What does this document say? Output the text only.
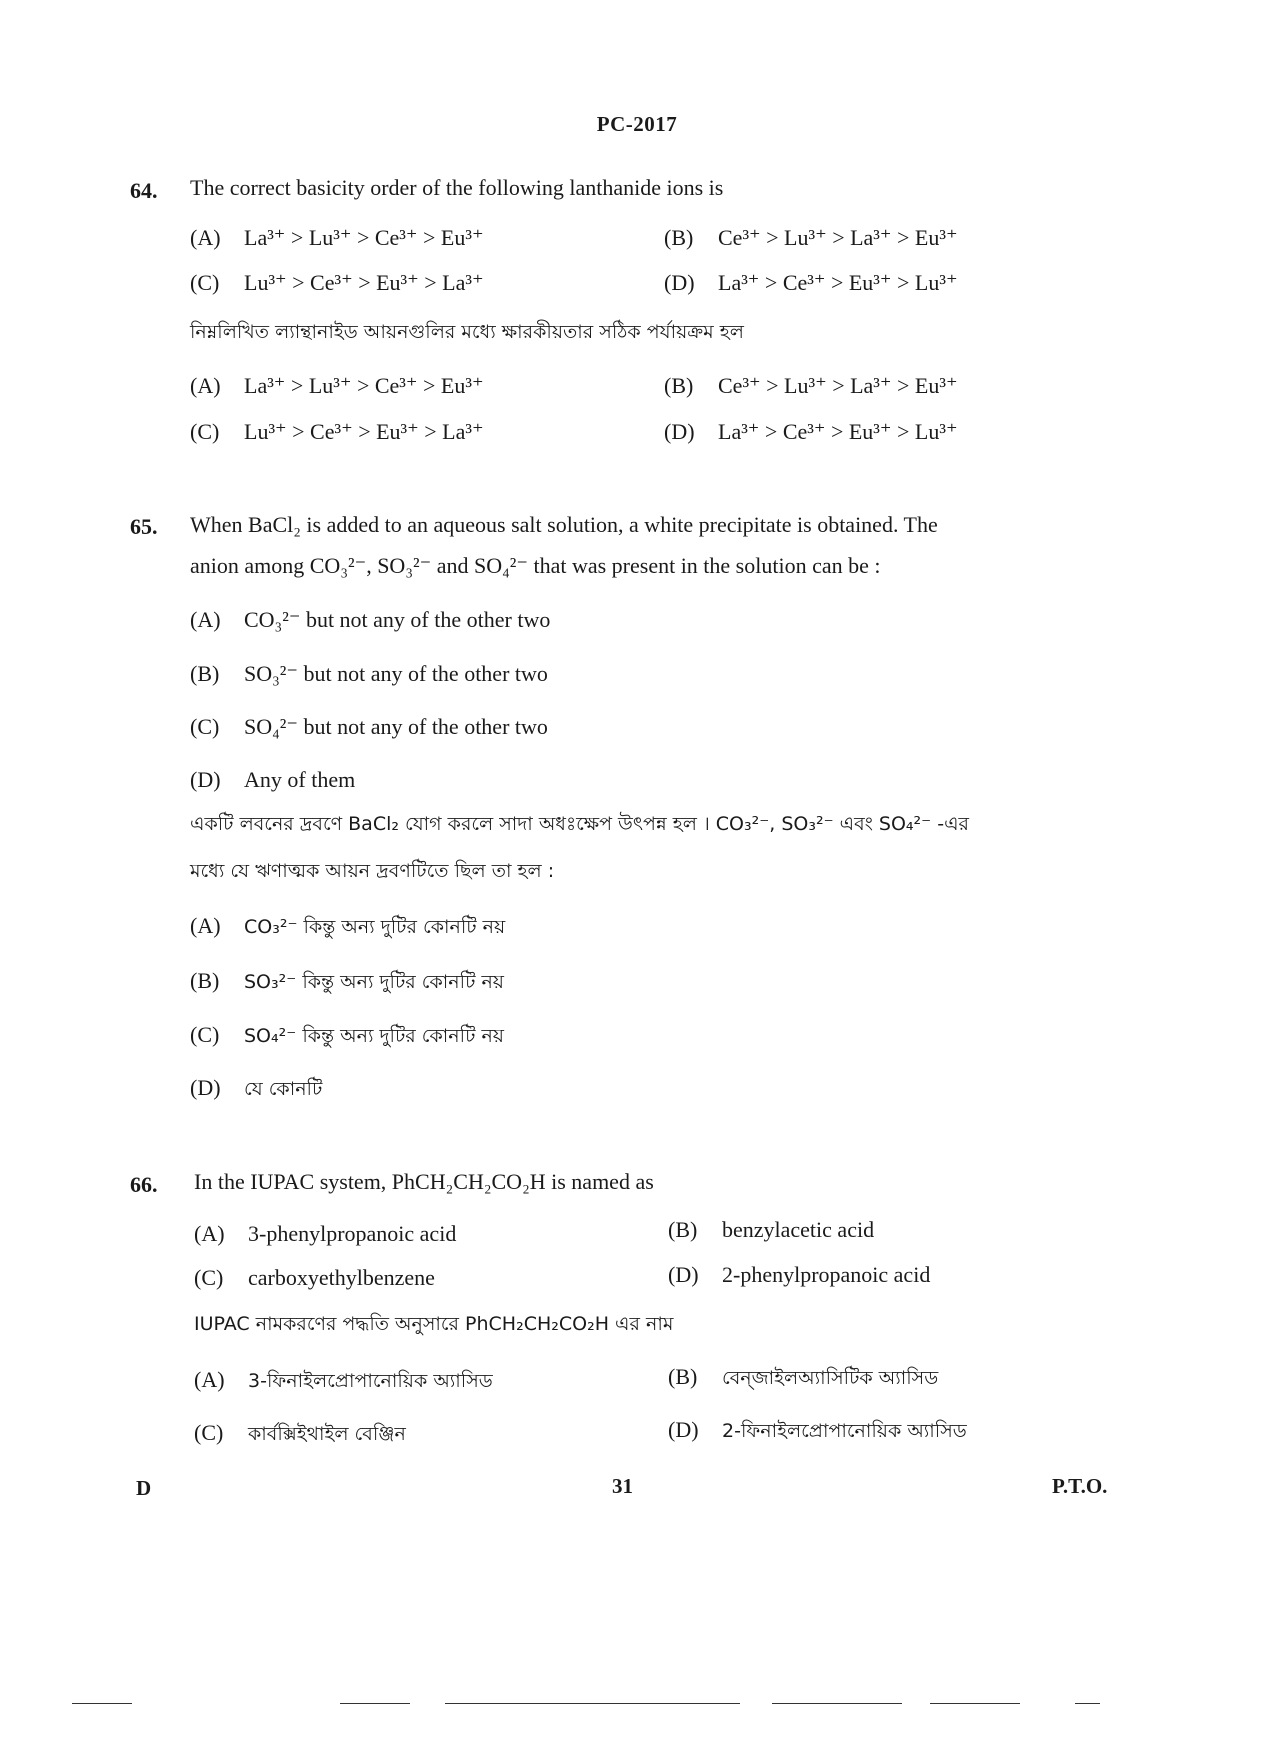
PC-2017
64. The correct basicity order of the following lanthanide ions is
(A) La³⁺ > Lu³⁺ > Ce³⁺ > Eu³⁺	(B) Ce³⁺ > Lu³⁺ > La³⁺ > Eu³⁺
(C) Lu³⁺ > Ce³⁺ > Eu³⁺ > La³⁺	(D) La³⁺ > Ce³⁺ > Eu³⁺ > Lu³⁺
নিম্নলিখিত ল্যান্থানাইড আয়নগুলির মধ্যে ক্ষারকীয়তার সঠিক পর্যায়ক্রম হল
(A) La³⁺ > Lu³⁺ > Ce³⁺ > Eu³⁺	(B) Ce³⁺ > Lu³⁺ > La³⁺ > Eu³⁺
(C) Lu³⁺ > Ce³⁺ > Eu³⁺ > La³⁺	(D) La³⁺ > Ce³⁺ > Eu³⁺ > Lu³⁺
65. When BaCl₂ is added to an aqueous salt solution, a white precipitate is obtained. The
anion among CO₃²⁻, SO₃²⁻ and SO₄²⁻ that was present in the solution can be :
(A) CO₃²⁻ but not any of the other two
(B) SO₃²⁻ but not any of the other two
(C) SO₄²⁻ but not any of the other two
(D) Any of them
একটি লবনের দ্রবণে BaCl₂ যোগ করলে সাদা অধঃক্ষেপ উৎপন্ন হল । CO₃²⁻, SO₃²⁻ এবং SO₄²⁻ -এর
মধ্যে যে ঋণাত্মক আয়ন দ্রবণটিতে ছিল তা হল :
(A) CO₃²⁻ কিন্তু অন্য দুটির কোনটি নয়
(B) SO₃²⁻ কিন্তু অন্য দুটির কোনটি নয়
(C) SO₄²⁻ কিন্তু অন্য দুটির কোনটি নয়
(D) যে কোনটি
66. In the IUPAC system, PhCH₂CH₂CO₂H is named as
(A) 3-phenylpropanoic acid	(B) benzylacetic acid
(C) carboxyethylbenzene	(D) 2-phenylpropanoic acid
IUPAC নামকরণের পদ্ধতি অনুসারে PhCH₂CH₂CO₂H এর নাম
(A) 3-ফিনাইলপ্রোপানোয়িক অ্যাসিড	(B) বেন্‌জাইলঅ্যাসিটিক অ্যাসিড
(C) কার্বক্সিইথাইল বেঞ্জিন	(D) 2-ফিনাইলপ্রোপানোয়িক অ্যাসিড
D	31	P.T.O.
